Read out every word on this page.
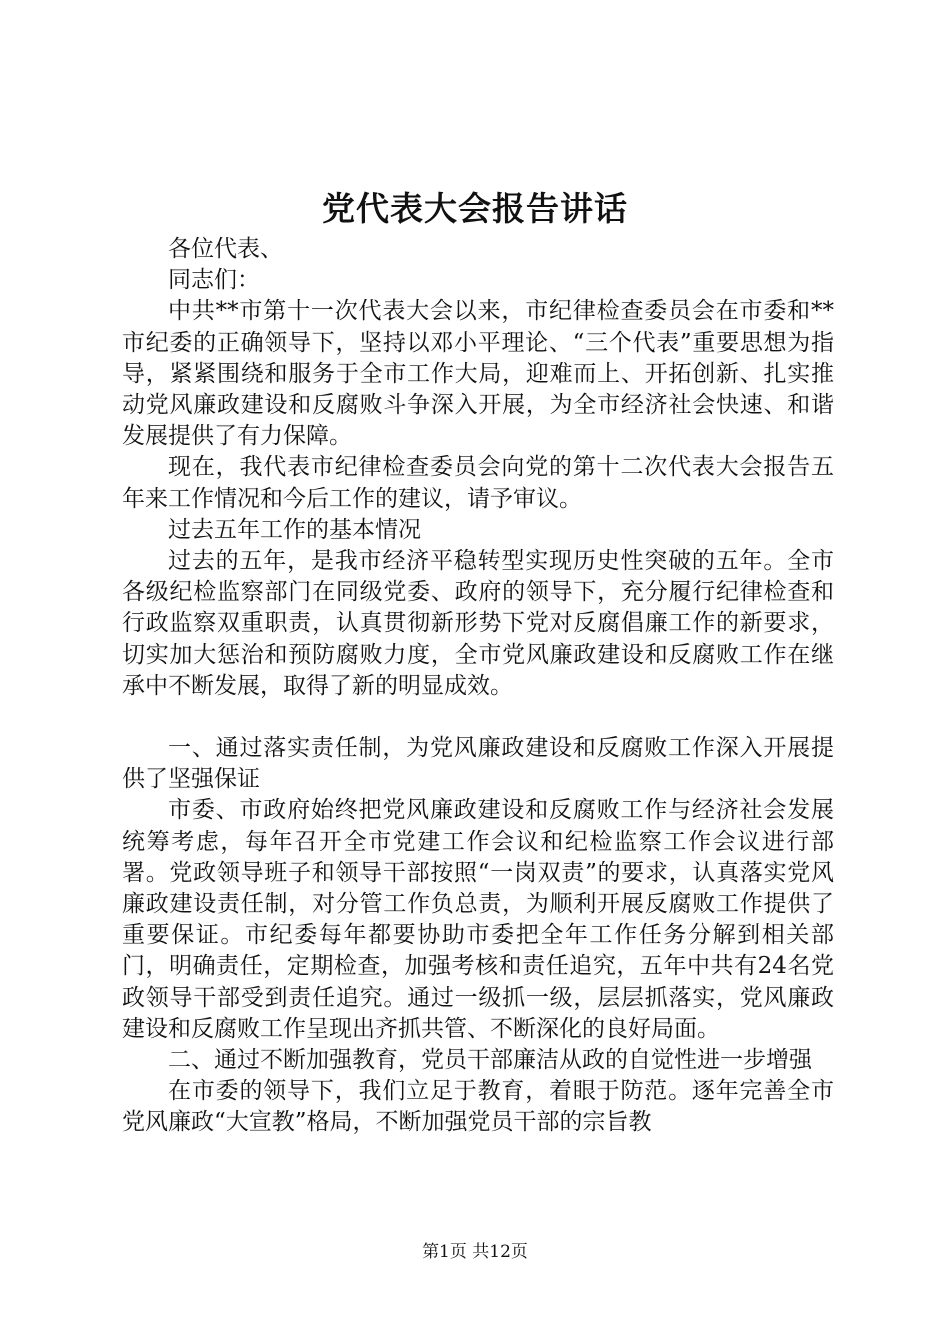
党代表大会报告讲话

各位代表、

同志们：

中共**市第十一次代表大会以来，市纪律检查委员会在市委和**市纪委的正确领导下，坚持以邓小平理论、“三个代表”重要思想为指导，紧紧围绕和服务于全市工作大局，迎难而上、开拓创新、扎实推动党风廉政建设和反腐败斗争深入开展，为全市经济社会快速、和谐发展提供了有力保障。

现在，我代表市纪律检查委员会向党的第十二次代表大会报告五年来工作情况和今后工作的建议，请予审议。

过去五年工作的基本情况

过去的五年，是我市经济平稳转型实现历史性突破的五年。全市各级纪检监察部门在同级党委、政府的领导下，充分履行纪律检查和行政监察双重职责，认真贯彻新形势下党对反腐倡廉工作的新要求，切实加大惩治和预防腐败力度，全市党风廉政建设和反腐败工作在继承中不断发展，取得了新的明显成效。

一、通过落实责任制，为党风廉政建设和反腐败工作深入开展提供了坚强保证

市委、市政府始终把党风廉政建设和反腐败工作与经济社会发展统筹考虑，每年召开全市党建工作会议和纪检监察工作会议进行部署。党政领导班子和领导干部按照“一岗双责”的要求，认真落实党风廉政建设责任制，对分管工作负总责，为顺利开展反腐败工作提供了重要保证。市纪委每年都要协助市委把全年工作任务分解到相关部门，明确责任，定期检查，加强考核和责任追究，五年中共有24名党政领导干部受到责任追究。通过一级抓一级，层层抓落实，党风廉政建设和反腐败工作呈现出齐抓共管、不断深化的良好局面。

二、通过不断加强教育，党员干部廉洁从政的自觉性进一步增强

在市委的领导下，我们立足于教育，着眼于防范。逐年完善全市党风廉政“大宣教”格局，不断加强党员干部的宗旨教

第1页 共12页
